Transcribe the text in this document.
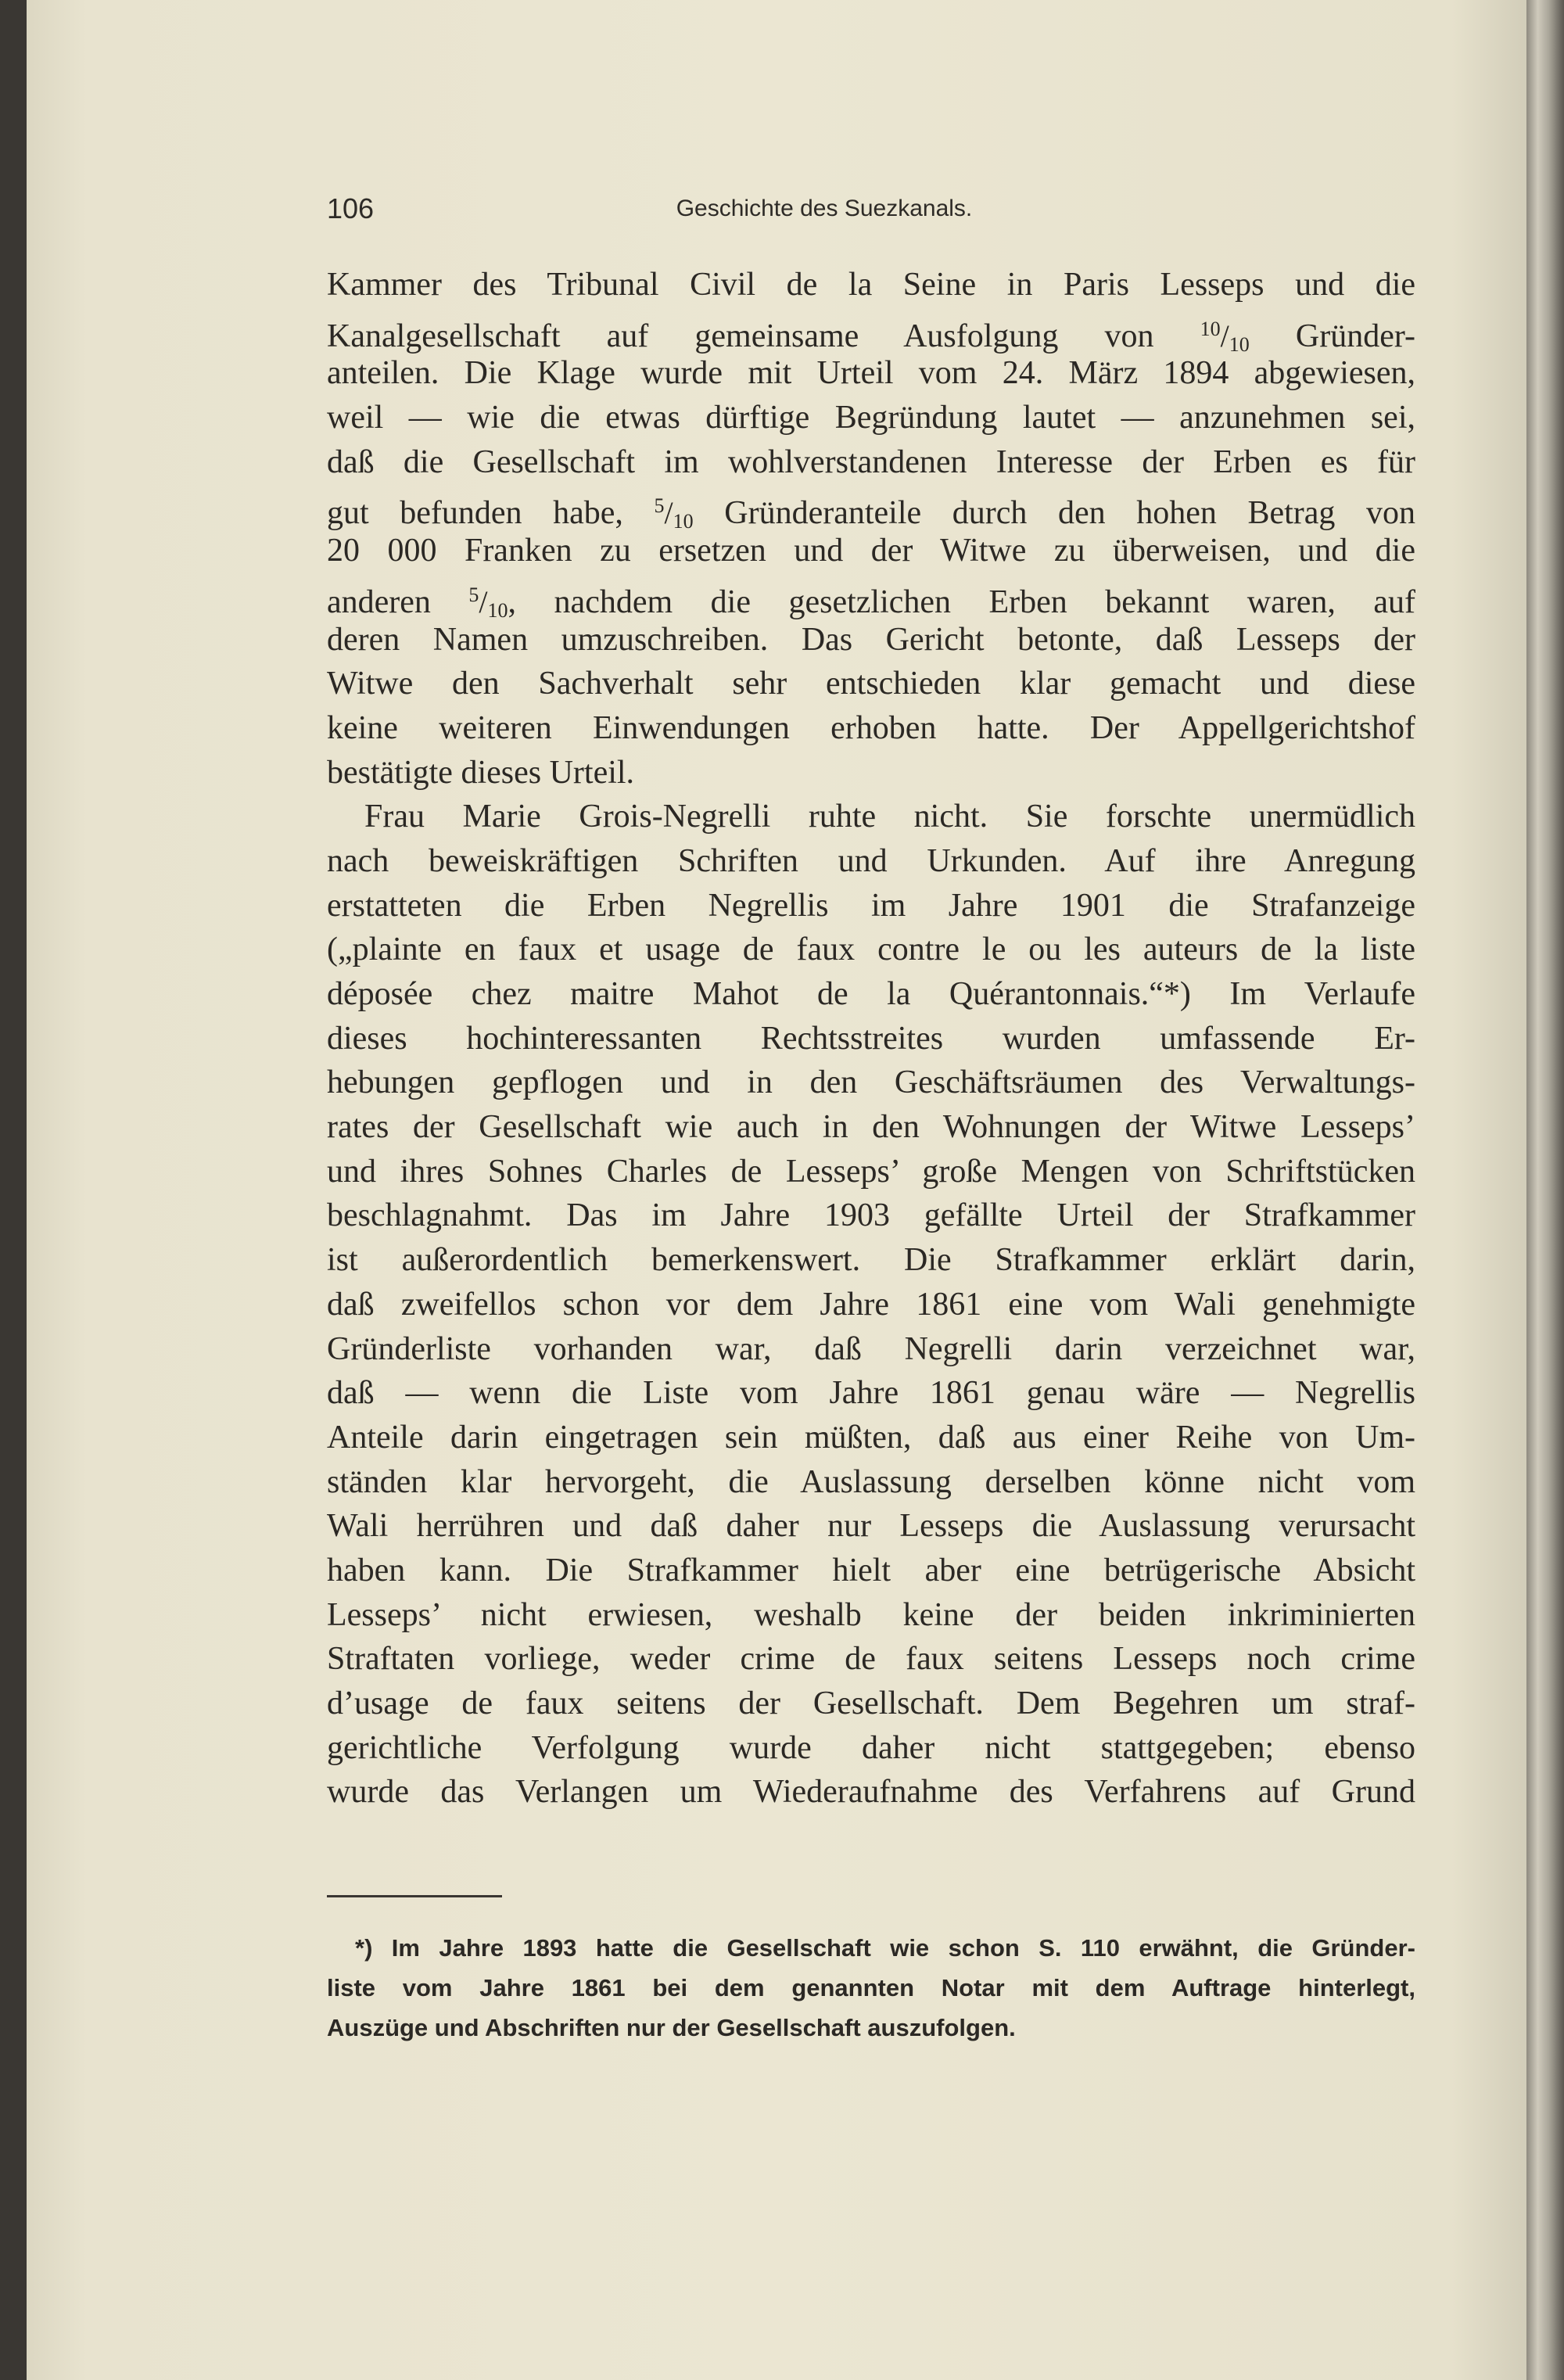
106	Geschichte des Suezkanals.
Kammer des Tribunal Civil de la Seine in Paris Lesseps und die
Kanalgesellschaft auf gemeinsame Ausfolgung von 10/10 Gründer-
anteilen. Die Klage wurde mit Urteil vom 24. März 1894 abgewiesen,
weil — wie die etwas dürftige Begründung lautet — anzunehmen sei,
daß die Gesellschaft im wohlverstandenen Interesse der Erben es für
gut befunden habe, 5/10 Gründeranteile durch den hohen Betrag von
20 000 Franken zu ersetzen und der Witwe zu überweisen, und die
anderen 5/10, nachdem die gesetzlichen Erben bekannt waren, auf
deren Namen umzuschreiben. Das Gericht betonte, daß Lesseps der
Witwe den Sachverhalt sehr entschieden klar gemacht und diese
keine weiteren Einwendungen erhoben hatte. Der Appellgerichtshof
bestätigte dieses Urteil.
Frau Marie Grois-Negrelli ruhte nicht. Sie forschte unermüdlich
nach beweiskräftigen Schriften und Urkunden. Auf ihre Anregung
erstatteten die Erben Negrellis im Jahre 1901 die Strafanzeige
(„plainte en faux et usage de faux contre le ou les auteurs de la liste
déposée chez maitre Mahot de la Quérantonnais.“*) Im Verlaufe
dieses hochinteressanten Rechtsstreites wurden umfassende Er-
hebungen gepflogen und in den Geschäftsräumen des Verwaltungs-
rates der Gesellschaft wie auch in den Wohnungen der Witwe Lesseps’
und ihres Sohnes Charles de Lesseps’ große Mengen von Schriftstücken
beschlagnahmt. Das im Jahre 1903 gefällte Urteil der Strafkammer
ist außerordentlich bemerkenswert. Die Strafkammer erklärt darin,
daß zweifellos schon vor dem Jahre 1861 eine vom Wali genehmigte
Gründerliste vorhanden war, daß Negrelli darin verzeichnet war,
daß — wenn die Liste vom Jahre 1861 genau wäre — Negrellis
Anteile darin eingetragen sein müßten, daß aus einer Reihe von Um-
ständen klar hervorgeht, die Auslassung derselben könne nicht vom
Wali herrühren und daß daher nur Lesseps die Auslassung verursacht
haben kann. Die Strafkammer hielt aber eine betrügerische Absicht
Lesseps’ nicht erwiesen, weshalb keine der beiden inkriminierten
Straftaten vorliege, weder crime de faux seitens Lesseps noch crime
d’usage de faux seitens der Gesellschaft. Dem Begehren um straf-
gerichtliche Verfolgung wurde daher nicht stattgegeben; ebenso
wurde das Verlangen um Wiederaufnahme des Verfahrens auf Grund
*) Im Jahre 1893 hatte die Gesellschaft wie schon S. 110 erwähnt, die Gründer-
liste vom Jahre 1861 bei dem genannten Notar mit dem Auftrage hinterlegt,
Auszüge und Abschriften nur der Gesellschaft auszufolgen.
